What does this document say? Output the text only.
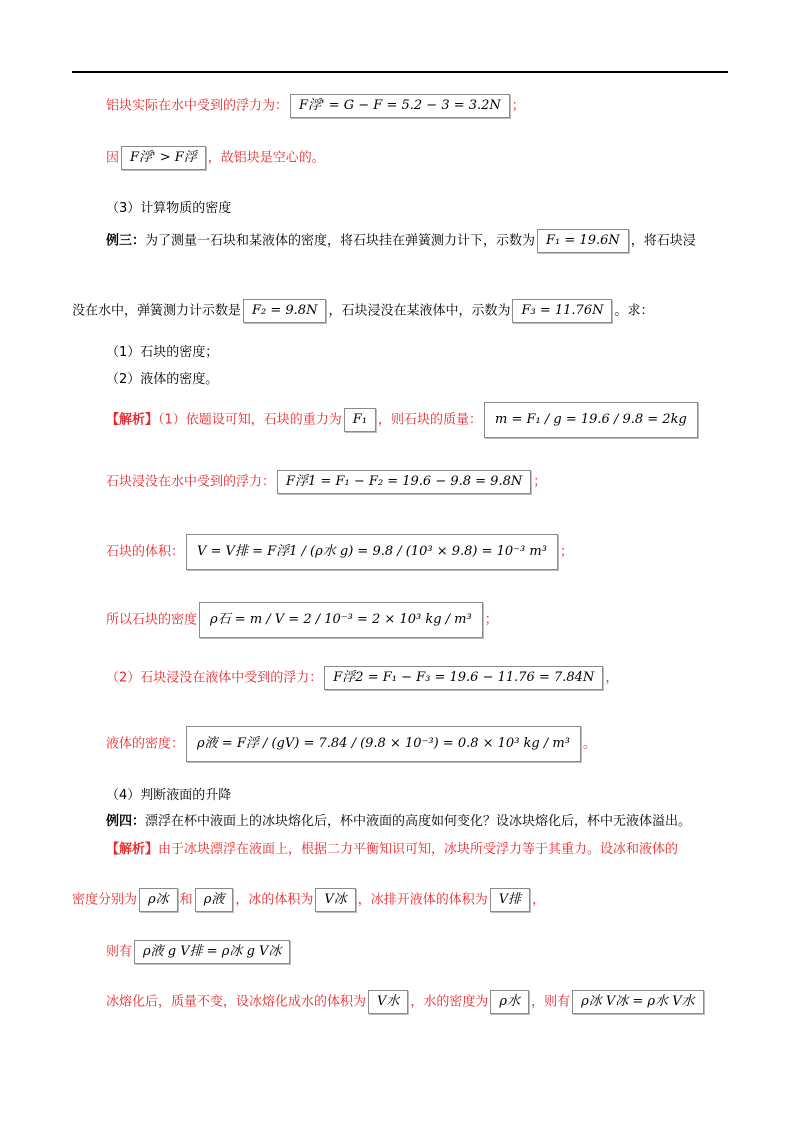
铝块实际在水中受到的浮力为： F浮' = G − F = 5.2 − 3 = 3.2N ；
因 F浮' > F浮 ，故铝块是空心的。
（3）计算物质的密度
例三：为了测量一石块和某液体的密度，将石块挂在弹簧测力计下，示数为 F₁ = 19.6N ，将石块浸
没在水中，弹簧测力计示数是 F₂ = 9.8N ，石块浸没在某液体中，示数为 F₃ = 11.76N 。求：
（1）石块的密度；
（2）液体的密度。
【解析】（1）依题设可知，石块的重力为 F₁ ，则石块的质量： m = F₁ / g = 19.6 / 9.8 = 2kg
石块浸没在水中受到的浮力： F浮1 = F₁ − F₂ = 19.6 − 9.8 = 9.8N ；
石块的体积： V = V排 = F浮1 / (ρ水 g) = 9.8 / (10³ × 9.8) = 10⁻³ m³ ；
所以石块的密度 ρ石 = m / V = 2 / 10⁻³ = 2 × 10³ kg / m³ ；
（2）石块浸没在液体中受到的浮力： F浮2 = F₁ − F₃ = 19.6 − 11.76 = 7.84N ，
液体的密度： ρ液 = F浮 / (gV) = 7.84 / (9.8 × 10⁻³) = 0.8 × 10³ kg / m³ 。
（4）判断液面的升降
例四：漂浮在杯中液面上的冰块熔化后，杯中液面的高度如何变化？设冰块熔化后，杯中无液体溢出。
【解析】由于冰块漂浮在液面上，根据二力平衡知识可知，冰块所受浮力等于其重力。设冰和液体的
密度分别为 ρ冰 和 ρ液 ，冰的体积为 V冰 ，冰排开液体的体积为 V排 ，
则有 ρ液 g V排 = ρ冰 g V冰
冰熔化后，质量不变，设冰熔化成水的体积为 V水 ，水的密度为 ρ水 ，则有 ρ冰 V冰 = ρ水 V水
